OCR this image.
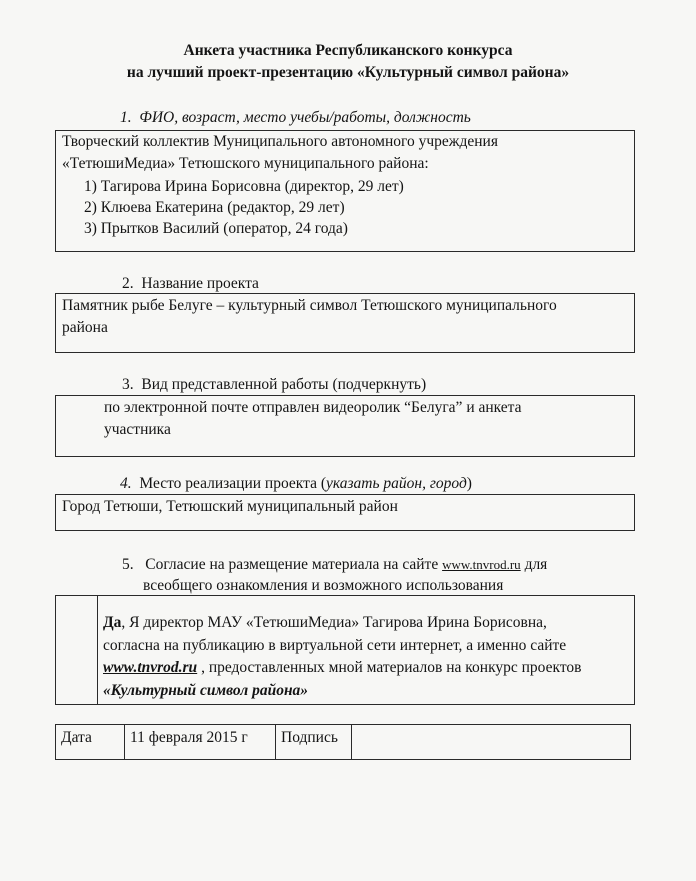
Анкета участника Республиканского конкурса
на лучший проект-презентацию «Культурный символ района»
1. ФИО, возраст, место учебы/работы, должность
Творческий коллектив Муниципального автономного учреждения
«ТетюшиМедиа» Тетюшского муниципального района:
1) Тагирова Ирина Борисовна (директор, 29 лет)
2) Клюева Екатерина (редактор, 29 лет)
3) Прытков Василий (оператор, 24 года)
2. Название проекта
Памятник рыбе Белуге – культурный символ Тетюшского муниципального
района
3. Вид представленной работы (подчеркнуть)
по электронной почте отправлен видеоролик “Белуга” и анкета
участника
4. Место реализации проекта (указать район, город)
Город Тетюши, Тетюшский муниципальный район
5. Согласие на размещение материала на сайте www.tnvrod.ru для
всеобщего ознакомления и возможного использования
Да, Я директор МАУ «ТетюшиМедиа» Тагирова Ирина Борисовна,
согласна на публикацию в виртуальной сети интернет, а именно сайте
www.tnvrod.ru , предоставленных мной материалов на конкурс проектов
«Культурный символ района»
Дата 11 февраля 2015 г Подпись
